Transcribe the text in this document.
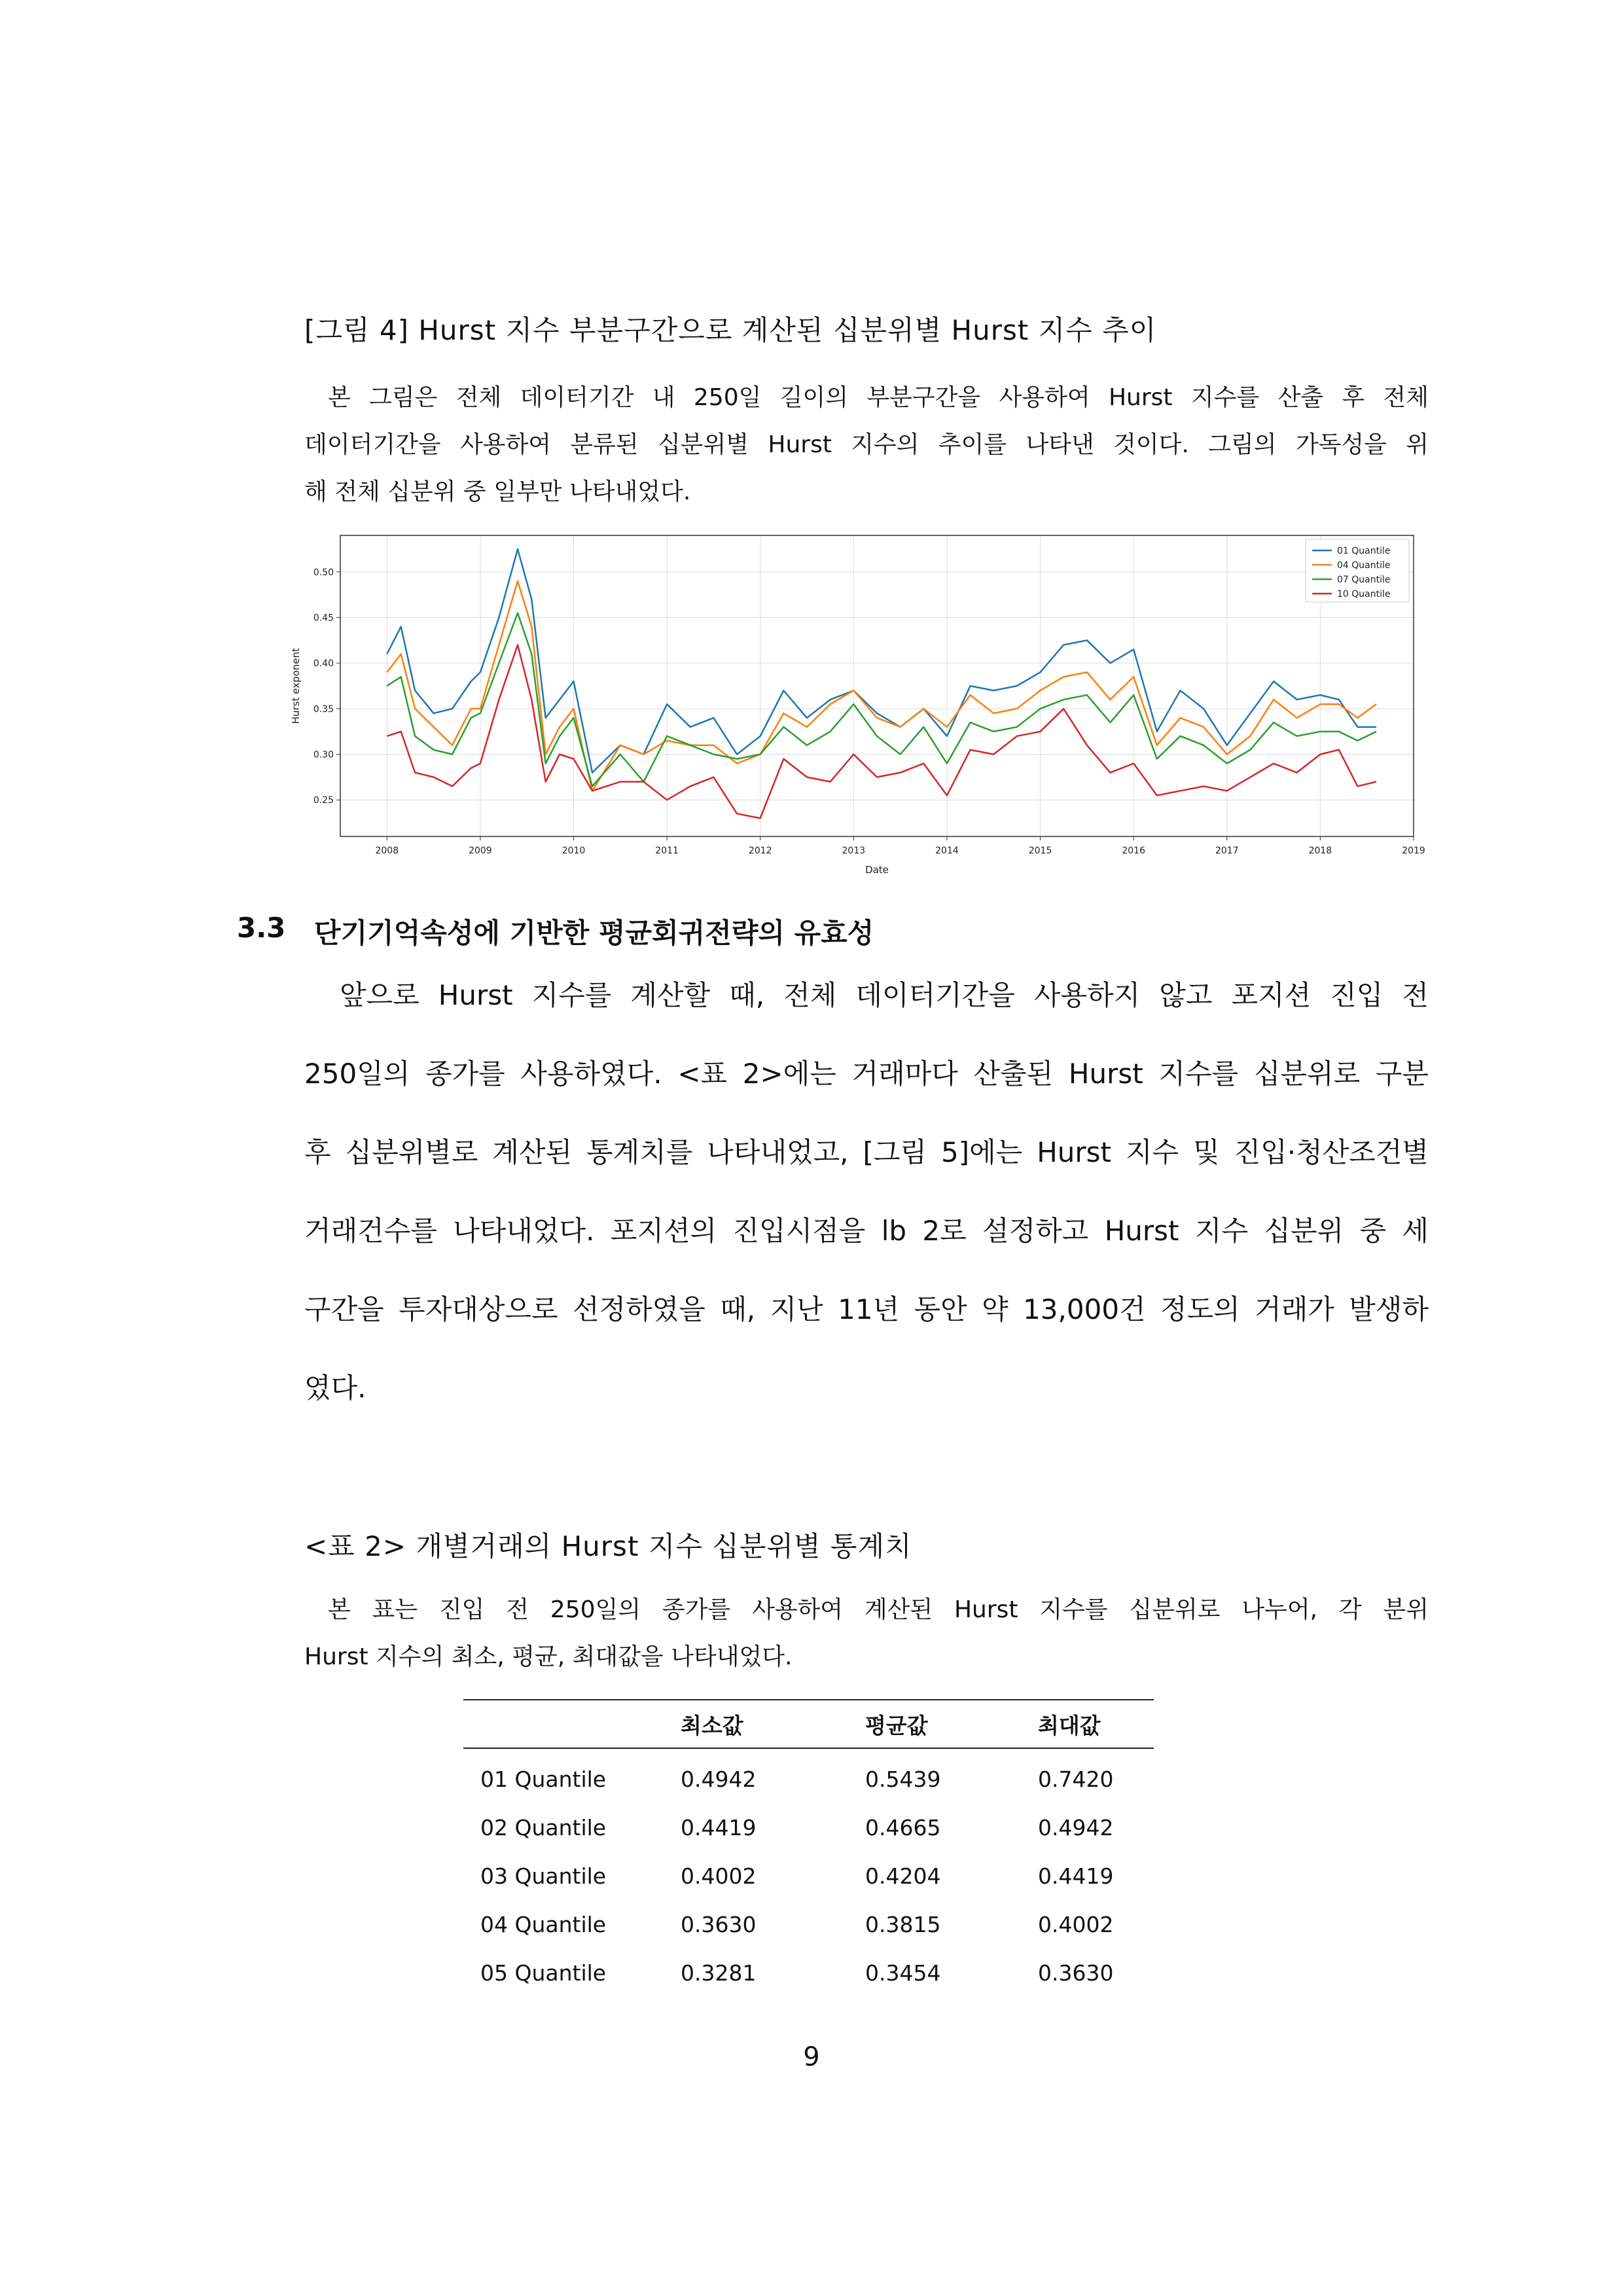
[그림 4] Hurst 지수 부분구간으로 계산된 십분위별 Hurst 지수 추이
본 그림은 전체 데이터기간 내 250일 길이의 부분구간을 사용하여 Hurst 지수를 산출 후 전체
데이터기간을 사용하여 분류된 십분위별 Hurst 지수의 추이를 나타낸 것이다. 그림의 가독성을 위
해 전체 십분위 중 일부만 나타내었다.
2008	2009	2010	2011	2012	2013	2014	2015	2016	2017	2018	2019
0.25
0.30
0.35
0.40
0.45
0.50
Date
Hurst exponent
01 Quantile
04 Quantile
07 Quantile
10 Quantile
3.3 단기기억속성에 기반한 평균회귀전략의 유효성
앞으로 Hurst 지수를 계산할 때, 전체 데이터기간을 사용하지 않고 포지션 진입 전
250일의 종가를 사용하였다. <표 2>에는 거래마다 산출된 Hurst 지수를 십분위로 구분
후 십분위별로 계산된 통계치를 나타내었고, [그림 5]에는 Hurst 지수 및 진입·청산조건별
거래건수를 나타내었다. 포지션의 진입시점을 lb 2로 설정하고 Hurst 지수 십분위 중 세
구간을 투자대상으로 선정하였을 때, 지난 11년 동안 약 13,000건 정도의 거래가 발생하
였다.
<표 2> 개별거래의 Hurst 지수 십분위별 통계치
본 표는 진입 전 250일의 종가를 사용하여 계산된 Hurst 지수를 십분위로 나누어, 각 분위
Hurst 지수의 최소, 평균, 최대값을 나타내었다.
	최소값	평균값	최대값
01 Quantile	0.4942	0.5439	0.7420
02 Quantile	0.4419	0.4665	0.4942
03 Quantile	0.4002	0.4204	0.4419
04 Quantile	0.3630	0.3815	0.4002
05 Quantile	0.3281	0.3454	0.3630
9
